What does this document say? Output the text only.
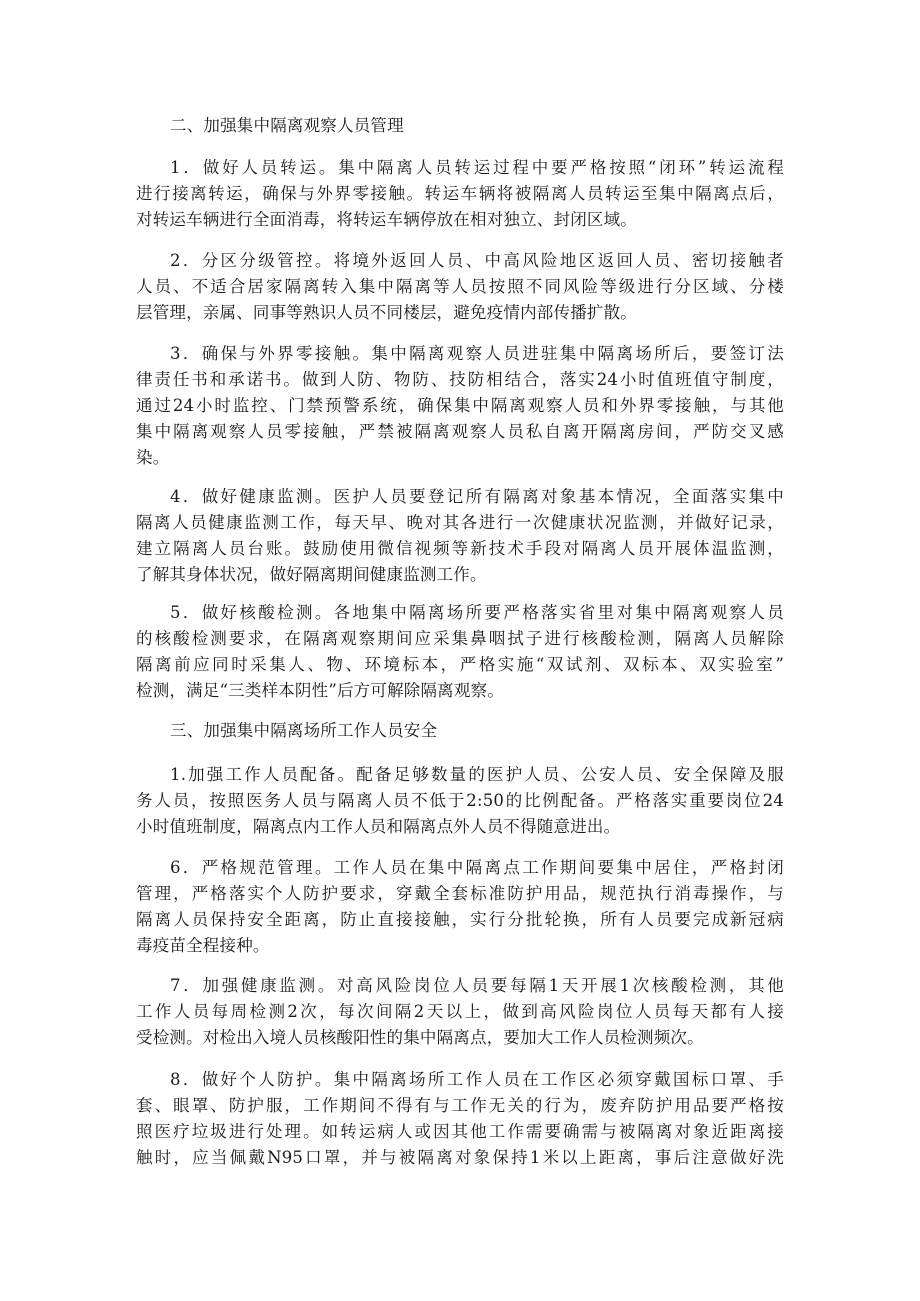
二、加强集中隔离观察人员管理
1．做好人员转运。集中隔离人员转运过程中要严格按照“闭环”转运流程
进行接离转运，确保与外界零接触。转运车辆将被隔离人员转运至集中隔离点后，
对转运车辆进行全面消毒，将转运车辆停放在相对独立、封闭区域。
2．分区分级管控。将境外返回人员、中高风险地区返回人员、密切接触者
人员、不适合居家隔离转入集中隔离等人员按照不同风险等级进行分区域、分楼
层管理，亲属、同事等熟识人员不同楼层，避免疫情内部传播扩散。
3．确保与外界零接触。集中隔离观察人员进驻集中隔离场所后，要签订法
律责任书和承诺书。做到人防、物防、技防相结合，落实24小时值班值守制度，
通过24小时监控、门禁预警系统，确保集中隔离观察人员和外界零接触，与其他
集中隔离观察人员零接触，严禁被隔离观察人员私自离开隔离房间，严防交叉感
染。
4．做好健康监测。医护人员要登记所有隔离对象基本情况，全面落实集中
隔离人员健康监测工作，每天早、晚对其各进行一次健康状况监测，并做好记录，
建立隔离人员台账。鼓励使用微信视频等新技术手段对隔离人员开展体温监测，
了解其身体状况，做好隔离期间健康监测工作。
5．做好核酸检测。各地集中隔离场所要严格落实省里对集中隔离观察人员
的核酸检测要求，在隔离观察期间应采集鼻咽拭子进行核酸检测，隔离人员解除
隔离前应同时采集人、物、环境标本，严格实施“双试剂、双标本、双实验室”
检测，满足“三类样本阴性”后方可解除隔离观察。
三、加强集中隔离场所工作人员安全
1.加强工作人员配备。配备足够数量的医护人员、公安人员、安全保障及服
务人员，按照医务人员与隔离人员不低于2:50的比例配备。严格落实重要岗位24
小时值班制度，隔离点内工作人员和隔离点外人员不得随意进出。
6．严格规范管理。工作人员在集中隔离点工作期间要集中居住，严格封闭
管理，严格落实个人防护要求，穿戴全套标准防护用品，规范执行消毒操作，与
隔离人员保持安全距离，防止直接接触，实行分批轮换，所有人员要完成新冠病
毒疫苗全程接种。
7．加强健康监测。对高风险岗位人员要每隔1天开展1次核酸检测，其他
工作人员每周检测2次，每次间隔2天以上，做到高风险岗位人员每天都有人接
受检测。对检出入境人员核酸阳性的集中隔离点，要加大工作人员检测频次。
8．做好个人防护。集中隔离场所工作人员在工作区必须穿戴国标口罩、手
套、眼罩、防护服，工作期间不得有与工作无关的行为，废弃防护用品要严格按
照医疗垃圾进行处理。如转运病人或因其他工作需要确需与被隔离对象近距离接
触时，应当佩戴N95口罩，并与被隔离对象保持1米以上距离，事后注意做好洗
